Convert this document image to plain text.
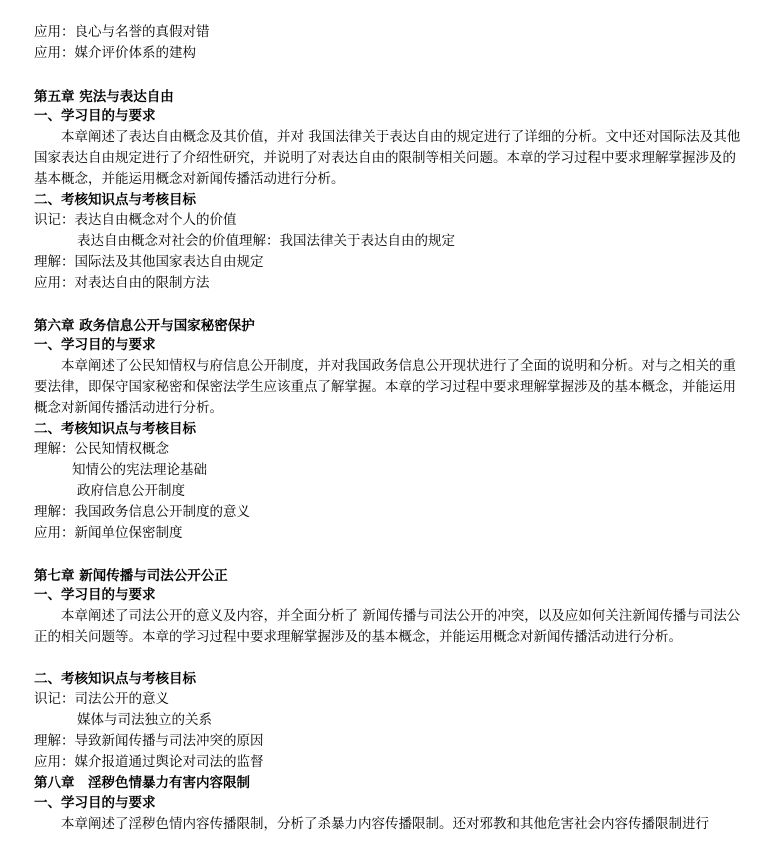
应用：良心与名誉的真假对错
应用：媒介评价体系的建构
第五章 宪法与表达自由
一、学习目的与要求
本章阐述了表达自由概念及其价值，并对 我国法律关于表达自由的规定进行了详细的分析。文中还对国际法及其他国家表达自由规定进行了介绍性研究，并说明了对表达自由的限制等相关问题。本章的学习过程中要求理解掌握涉及的基本概念，并能运用概念对新闻传播活动进行分析。
二、考核知识点与考核目标
识记：表达自由概念对个人的价值
表达自由概念对社会的价值理解：我国法律关于表达自由的规定
理解：国际法及其他国家表达自由规定
应用：对表达自由的限制方法
第六章 政务信息公开与国家秘密保护
一、学习目的与要求
本章阐述了公民知情权与府信息公开制度，并对我国政务信息公开现状进行了全面的说明和分析。对与之相关的重要法律，即保守国家秘密和保密法学生应该重点了解掌握。本章的学习过程中要求理解掌握涉及的基本概念，并能运用概念对新闻传播活动进行分析。
二、考核知识点与考核目标
理解：公民知情权概念
知情公的宪法理论基础
政府信息公开制度
理解：我国政务信息公开制度的意义
应用：新闻单位保密制度
第七章 新闻传播与司法公开公正
一、学习目的与要求
本章阐述了司法公开的意义及内容，并全面分析了 新闻传播与司法公开的冲突，以及应如何关注新闻传播与司法公正的相关问题等。本章的学习过程中要求理解掌握涉及的基本概念，并能运用概念对新闻传播活动进行分析。
二、考核知识点与考核目标
识记：司法公开的意义
媒体与司法独立的关系
理解：导致新闻传播与司法冲突的原因
应用：媒介报道通过舆论对司法的监督
第八章　淫秽色情暴力有害内容限制
一、学习目的与要求
本章阐述了淫秽色情内容传播限制，分析了杀暴力内容传播限制。还对邪教和其他危害社会内容传播限制进行
